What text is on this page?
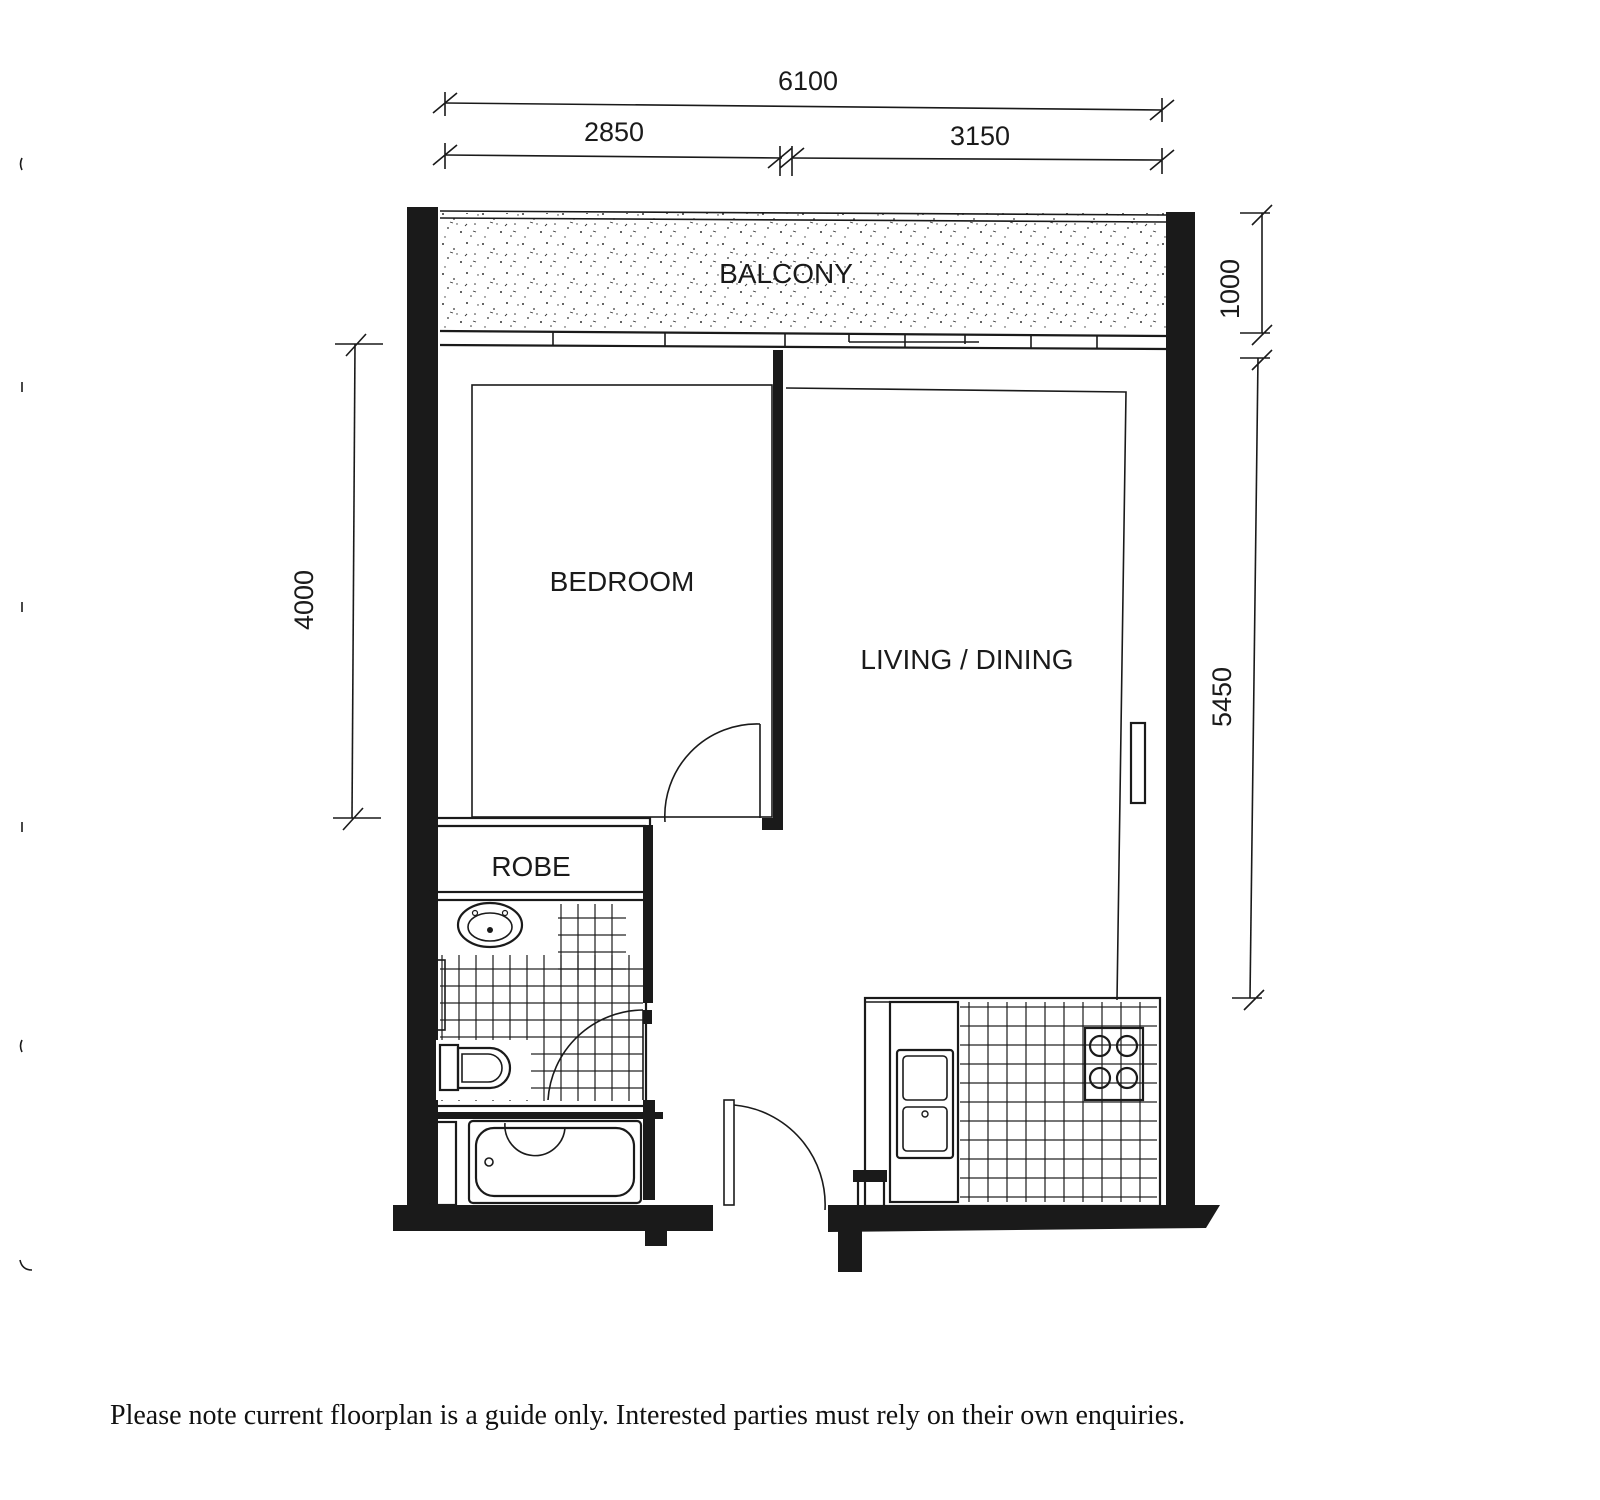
6100
2850	3150
1000
5450
4000
BALCONY
BEDROOM
LIVING / DINING
ROBE
Please note current floorplan is a guide only. Interested parties must rely on their own enquiries.
